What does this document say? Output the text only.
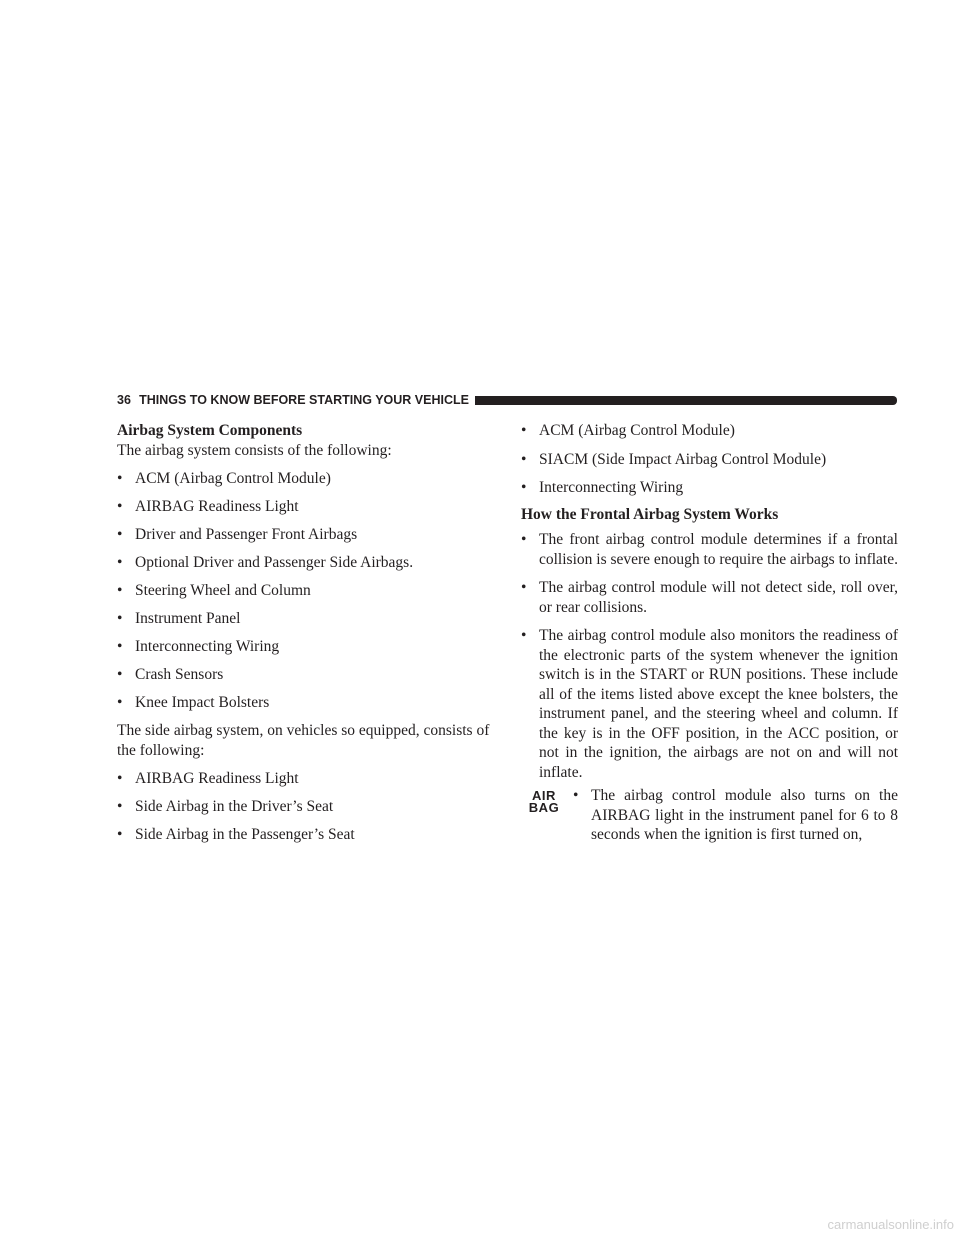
36 THINGS TO KNOW BEFORE STARTING YOUR VEHICLE

Airbag System Components

The airbag system consists of the following:

• ACM (Airbag Control Module)
• AIRBAG Readiness Light
• Driver and Passenger Front Airbags
• Optional Driver and Passenger Side Airbags.
• Steering Wheel and Column
• Instrument Panel
• Interconnecting Wiring
• Crash Sensors
• Knee Impact Bolsters

The side airbag system, on vehicles so equipped, consists of the following:

• AIRBAG Readiness Light
• Side Airbag in the Driver’s Seat
• Side Airbag in the Passenger’s Seat
• ACM (Airbag Control Module)
• SIACM (Side Impact Airbag Control Module)
• Interconnecting Wiring

How the Frontal Airbag System Works

• The front airbag control module determines if a frontal collision is severe enough to require the airbags to inflate.
• The airbag control module will not detect side, roll over, or rear collisions.
• The airbag control module also monitors the readiness of the electronic parts of the system whenever the ignition switch is in the START or RUN positions. These include all of the items listed above except the knee bolsters, the instrument panel, and the steering wheel and column. If the key is in the OFF position, in the ACC position, or not in the ignition, the airbags are not on and will not inflate.
AIR
BAG
• The airbag control module also turns on the AIRBAG light in the instrument panel for 6 to 8 seconds when the ignition is first turned on,
carmanualsonline.info
